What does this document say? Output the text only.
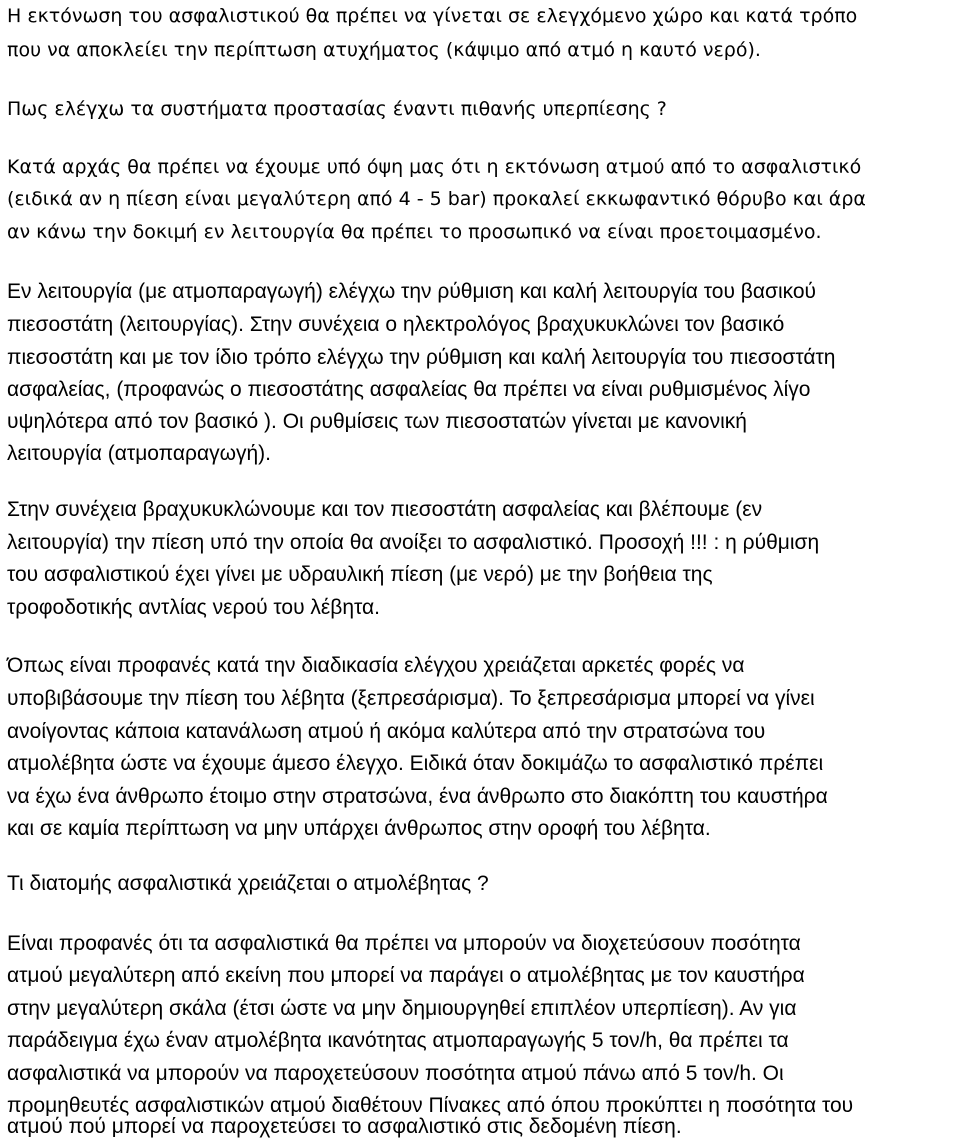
Η εκτόνωση του ασφαλιστικού θα πρέπει να γίνεται σε ελεγχόμενο χώρο και κατά τρόπο
που να αποκλείει την περίπτωση ατυχήματος (κάψιμο από ατμό η καυτό νερό).
Πως ελέγχω τα συστήματα προστασίας έναντι πιθανής υπερπίεσης ?
Κατά αρχάς θα πρέπει να έχουμε υπό όψη μας ότι η εκτόνωση ατμού από το ασφαλιστικό
(ειδικά αν η πίεση είναι μεγαλύτερη από 4 - 5 bar) προκαλεί εκκωφαντικό θόρυβο και άρα
αν κάνω την δοκιμή εν λειτουργία θα πρέπει το προσωπικό να είναι προετοιμασμένο.
Εν λειτουργία (με ατμοπαραγωγή) ελέγχω την ρύθμιση και καλή λειτουργία του βασικού
πιεσοστάτη (λειτουργίας). Στην συνέχεια ο ηλεκτρολόγος βραχυκυκλώνει τον βασικό
πιεσοστάτη και με τον ίδιο τρόπο ελέγχω την ρύθμιση και καλή λειτουργία του πιεσοστάτη
ασφαλείας, (προφανώς ο πιεσοστάτης ασφαλείας θα πρέπει να είναι ρυθμισμένος λίγο
υψηλότερα από τον βασικό ). Οι ρυθμίσεις των πιεσοστατών γίνεται με κανονική
λειτουργία (ατμοπαραγωγή).
Στην συνέχεια βραχυκυκλώνουμε και τον πιεσοστάτη ασφαλείας και βλέπουμε (εν
λειτουργία) την πίεση υπό την οποία θα ανοίξει το ασφαλιστικό. Προσοχή !!! : η ρύθμιση
του ασφαλιστικού έχει γίνει με υδραυλική πίεση (με νερό) με την βοήθεια της
τροφοδοτικής αντλίας νερού του λέβητα.
Όπως είναι προφανές κατά την διαδικασία ελέγχου χρειάζεται αρκετές φορές να
υποβιβάσουμε την πίεση του λέβητα (ξεπρεσάρισμα). Το ξεπρεσάρισμα μπορεί να γίνει
ανοίγοντας κάποια κατανάλωση ατμού ή ακόμα καλύτερα από την στρατσώνα του
ατμολέβητα ώστε να έχουμε άμεσο έλεγχο. Ειδικά όταν δοκιμάζω το ασφαλιστικό πρέπει
να έχω ένα άνθρωπο έτοιμο στην στρατσώνα, ένα άνθρωπο στο διακόπτη του καυστήρα
και σε καμία περίπτωση να μην υπάρχει άνθρωπος στην οροφή του λέβητα.
Τι διατομής ασφαλιστικά χρειάζεται ο ατμολέβητας ?
Είναι προφανές ότι τα ασφαλιστικά θα πρέπει να μπορούν να διοχετεύσουν ποσότητα
ατμού μεγαλύτερη από εκείνη που μπορεί να παράγει ο ατμολέβητας με τον καυστήρα
στην μεγαλύτερη σκάλα (έτσι ώστε να μην δημιουργηθεί επιπλέον υπερπίεση). Αν για
παράδειγμα έχω έναν ατμολέβητα ικανότητας ατμοπαραγωγής 5 τον/h, θα πρέπει τα
ασφαλιστικά να μπορούν να παροχετεύσουν ποσότητα ατμού πάνω από 5 τον/h. Οι
προμηθευτές ασφαλιστικών ατμού διαθέτουν Πίνακες από όπου προκύπτει η ποσότητα του
ατμού πού μπορεί να παροχετεύσει το ασφαλιστικό στις δεδομένη πίεση.
